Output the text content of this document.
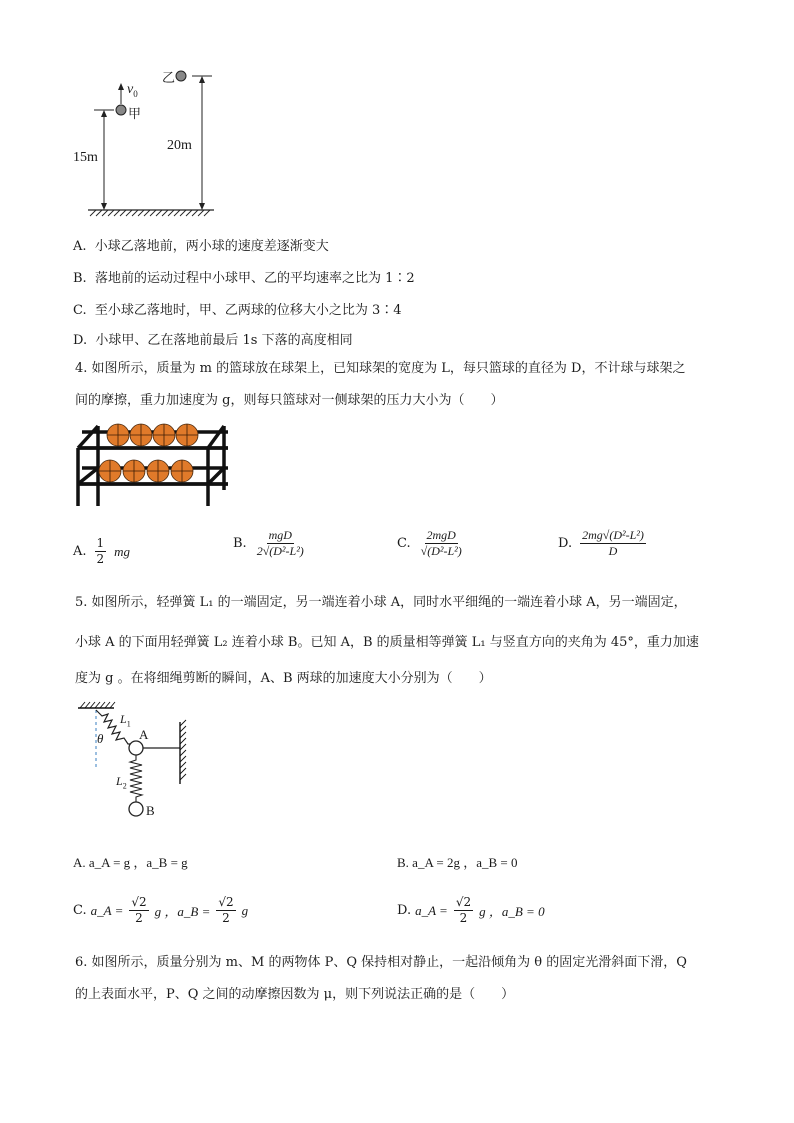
$v_0$
甲
乙
15m
20m
A. 小球乙落地前，两小球的速度差逐渐变大
B. 落地前的运动过程中小球甲、乙的平均速率之比为 1∶2
C. 至小球乙落地时，甲、乙两球的位移大小之比为 3∶4
D. 小球甲、乙在落地前最后 1s 下落的高度相同
4. 如图所示，质量为 m 的篮球放在球架上，已知球架的宽度为 L，每只篮球的直径为 D，不计球与球架之
间的摩擦，重力加速度为 g，则每只篮球对一侧球架的压力大小为（　　）
A. $\frac{1}{2}$ mg	B. $\frac{\text{mgD}}{\text{2√(D²-L²)}}$	C. $\frac{\text{2mgD}}{\text{√(D²-L²)}}$	D. $\frac{\text{2mg√(D²-L²)}}{D}$
5. 如图所示，轻弹簧 L₁ 的一端固定，另一端连着小球 A，同时水平细绳的一端连着小球 A，另一端固定，
小球 A 的下面用轻弹簧 L₂ 连着小球 B。已知 A，B 的质量相等弹簧 L₁ 与竖直方向的夹角为 45°，重力加速
度为 g 。在将细绳剪断的瞬间，A、B 两球的加速度大小分别为（　　）
$L_1$
θ	A
$L_2$
B
A. a_A = g ，a_B = g	B. a_A = 2g ，a_B = 0
C. a_A = $\frac{√2}{2}$ g ，a_B = $\frac{√2}{2}$ g	D. a_A = $\frac{√2}{2}$ g ，a_B = 0
6. 如图所示，质量分别为 m、M 的两物体 P、Q 保持相对静止，一起沿倾角为 θ 的固定光滑斜面下滑，Q
的上表面水平，P、Q 之间的动摩擦因数为 μ，则下列说法正确的是（　　）
